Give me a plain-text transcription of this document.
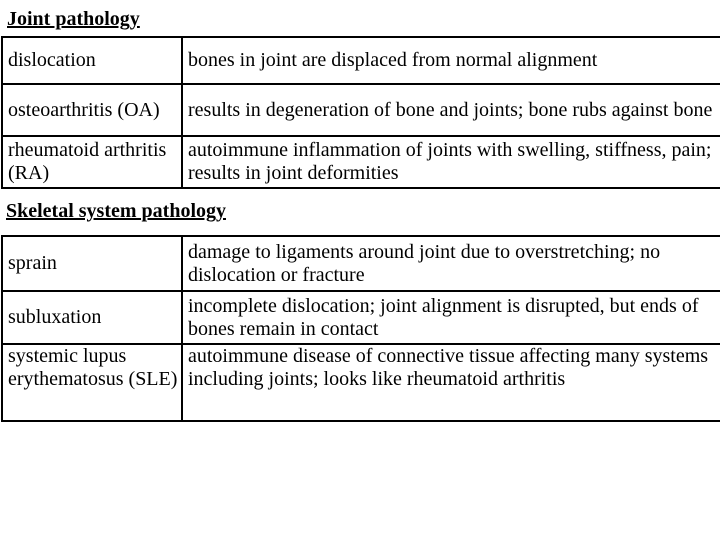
Joint pathology
dislocation	bones in joint are displaced from normal alignment
osteoarthritis (OA)	results in degeneration of bone and joints; bone rubs against bone
rheumatoid arthritis (RA)	autoimmune inflammation of joints with swelling, stiffness, pain; results in joint deformities
Skeletal system pathology
sprain	damage to ligaments around joint due to overstretching; no dislocation or fracture
subluxation	incomplete dislocation; joint alignment is disrupted, but ends of bones remain in contact
systemic lupus erythematosus (SLE)	autoimmune disease of connective tissue affecting many systems including joints; looks like rheumatoid arthritis
